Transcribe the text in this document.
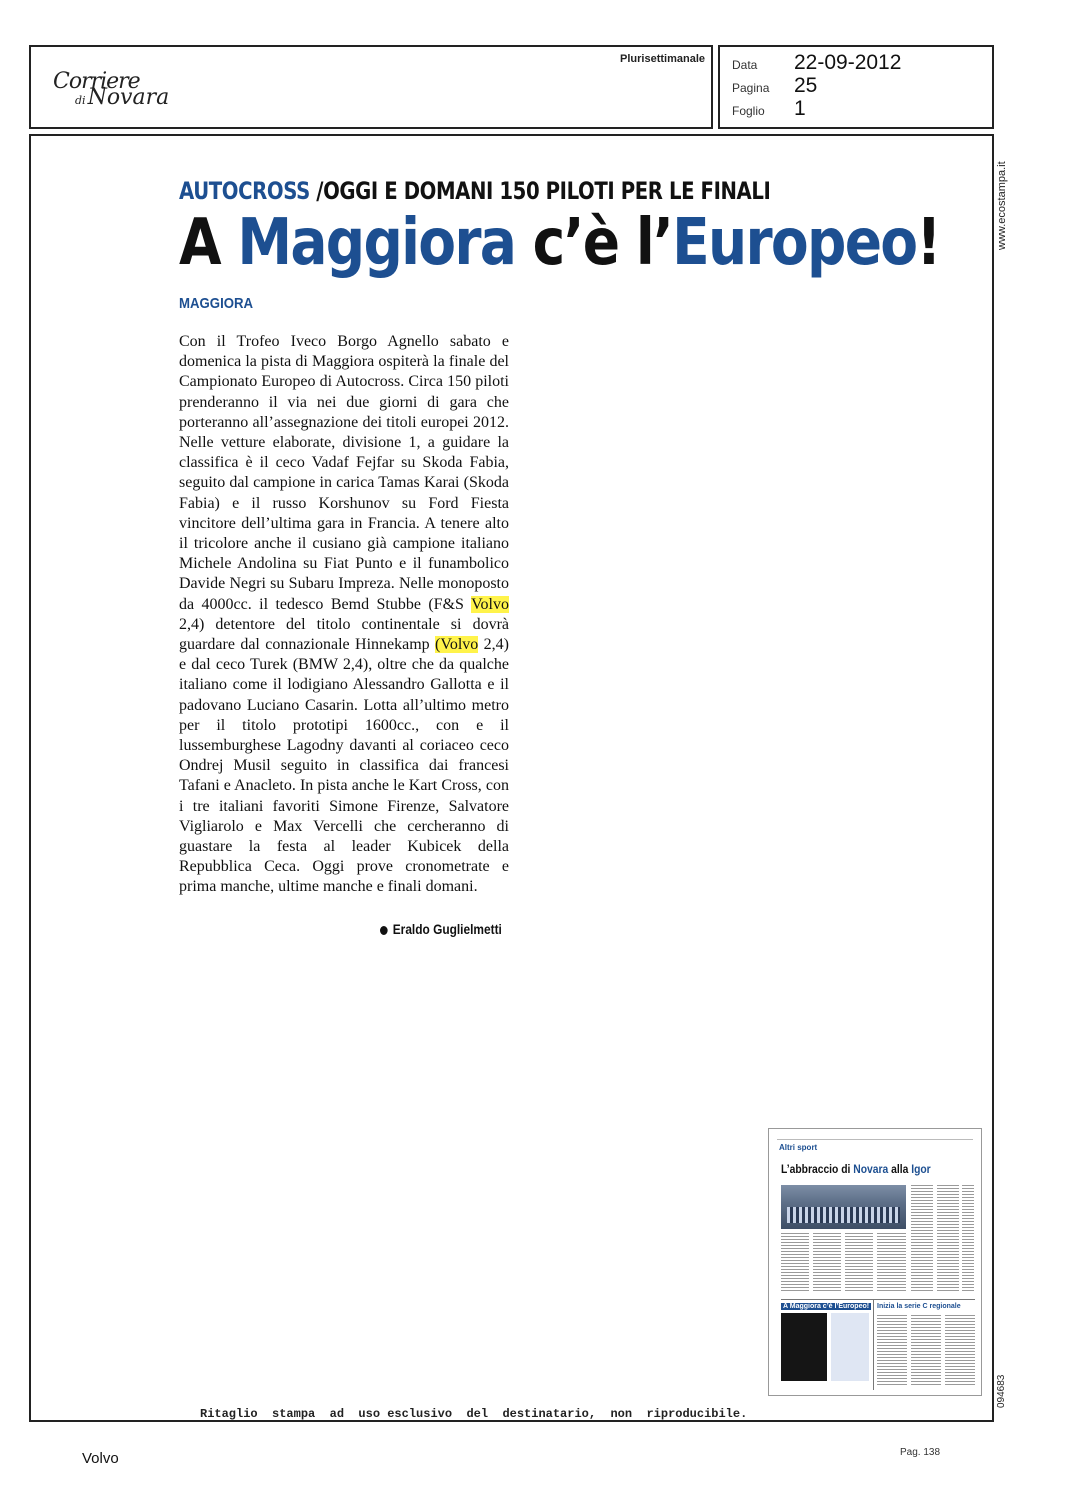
Corriere
diNovara
Plurisettimanale Data	22-09-2012
Pagina	25
Foglio	1
www.ecostampa.it
AUTOCROSS /OGGI E DOMANI 150 PILOTI PER LE FINALI
A Maggiora c’è l’Europeo!
MAGGIORA
Con il Trofeo Iveco Borgo Agnello sabato e domenica la pista di Maggiora ospiterà la finale del Campionato Europeo di Autocross. Circa 150 piloti prenderanno il via nei due giorni di gara che porteranno all’assegnazione dei titoli europei 2012. Nelle vetture elaborate, divisione 1, a guidare la classifica è il ceco Vadaf Fejfar su Skoda Fabia, seguito dal campione in carica Tamas Karai (Skoda Fabia) e il russo Korshunov su Ford Fiesta vincitore dell’ultima gara in Francia. A tenere alto il tricolore anche il cusiano già campione italiano Michele Andolina su Fiat Punto e il funambolico Davide Negri su Subaru Impreza. Nelle monoposto da 4000cc. il tedesco Bemd Stubbe (F&S Volvo 2,4) detentore del titolo continentale si dovrà guardare dal connazionale Hinnekamp (Volvo 2,4) e dal ceco Turek (BMW 2,4), oltre che da qualche italiano come il lodigiano Alessandro Gallotta e il padovano Luciano Casarin. Lotta all’ultimo metro per il titolo prototipi 1600cc., con e il lussemburghese Lagodny davanti al coriaceo ceco Ondrej Musil seguito in classifica dai francesi Tafani e Anacleto. In pista anche le Kart Cross, con i tre italiani favoriti Simone Firenze, Salvatore Vigliarolo e Max Vercelli che cercheranno di guastare la festa al leader Kubicek della Repubblica Ceca. Oggi prove cronometrate e prima manche, ultime manche e finali domani.
Eraldo Guglielmetti
Altri sport
L’abbraccio di Novara alla Igor
A Maggiora c’è l’Europeo! Inizia la serie C regionale
094683
Ritaglio  stampa  ad  uso esclusivo  del  destinatario,  non  riproducibile.
Volvo	Pag. 138
